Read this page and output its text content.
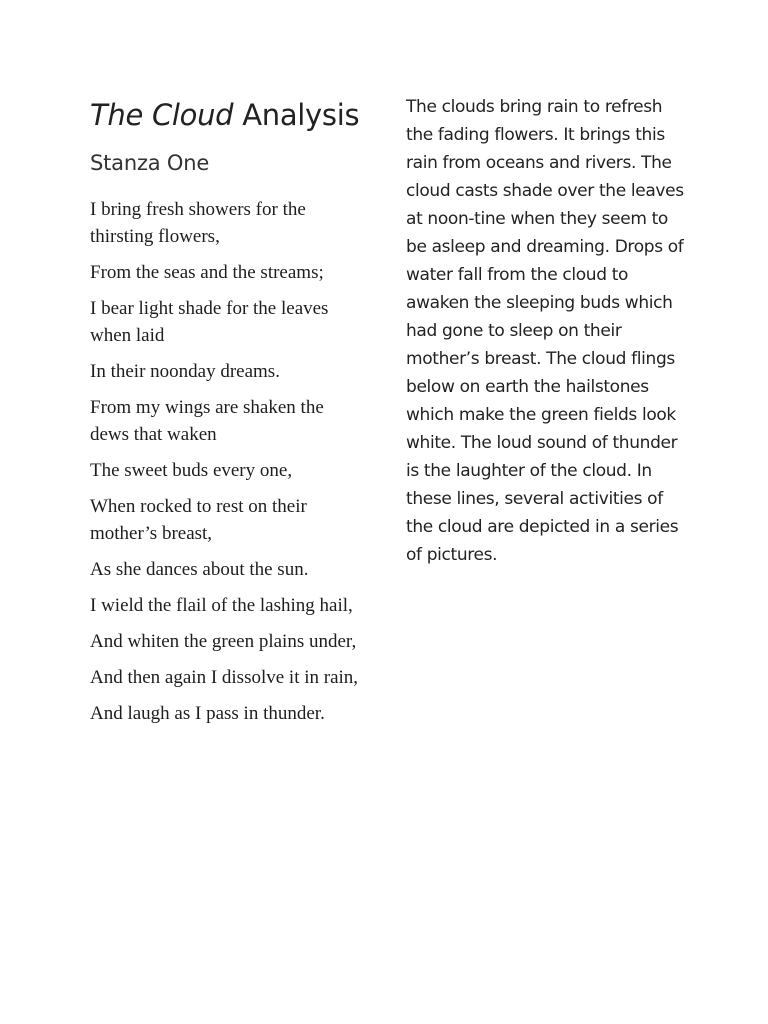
The Cloud Analysis
Stanza One

I bring fresh showers for the thirsting flowers,

From the seas and the streams;

I bear light shade for the leaves when laid

In their noonday dreams.

From my wings are shaken the dews that waken

The sweet buds every one,

When rocked to rest on their mother’s breast,

As she dances about the sun.

I wield the flail of the lashing hail,

And whiten the green plains under,

And then again I dissolve it in rain,

And laugh as I pass in thunder.

The clouds bring rain to refresh the fading flowers. It brings this rain from oceans and rivers. The cloud casts shade over the leaves at noon-tine when they seem to be asleep and dreaming. Drops of water fall from the cloud to awaken the sleeping buds which had gone to sleep on their mother’s breast. The cloud flings below on earth the hailstones which make the green fields look white. The loud sound of thunder is the laughter of the cloud. In these lines, several activities of the cloud are depicted in a series of pictures.
